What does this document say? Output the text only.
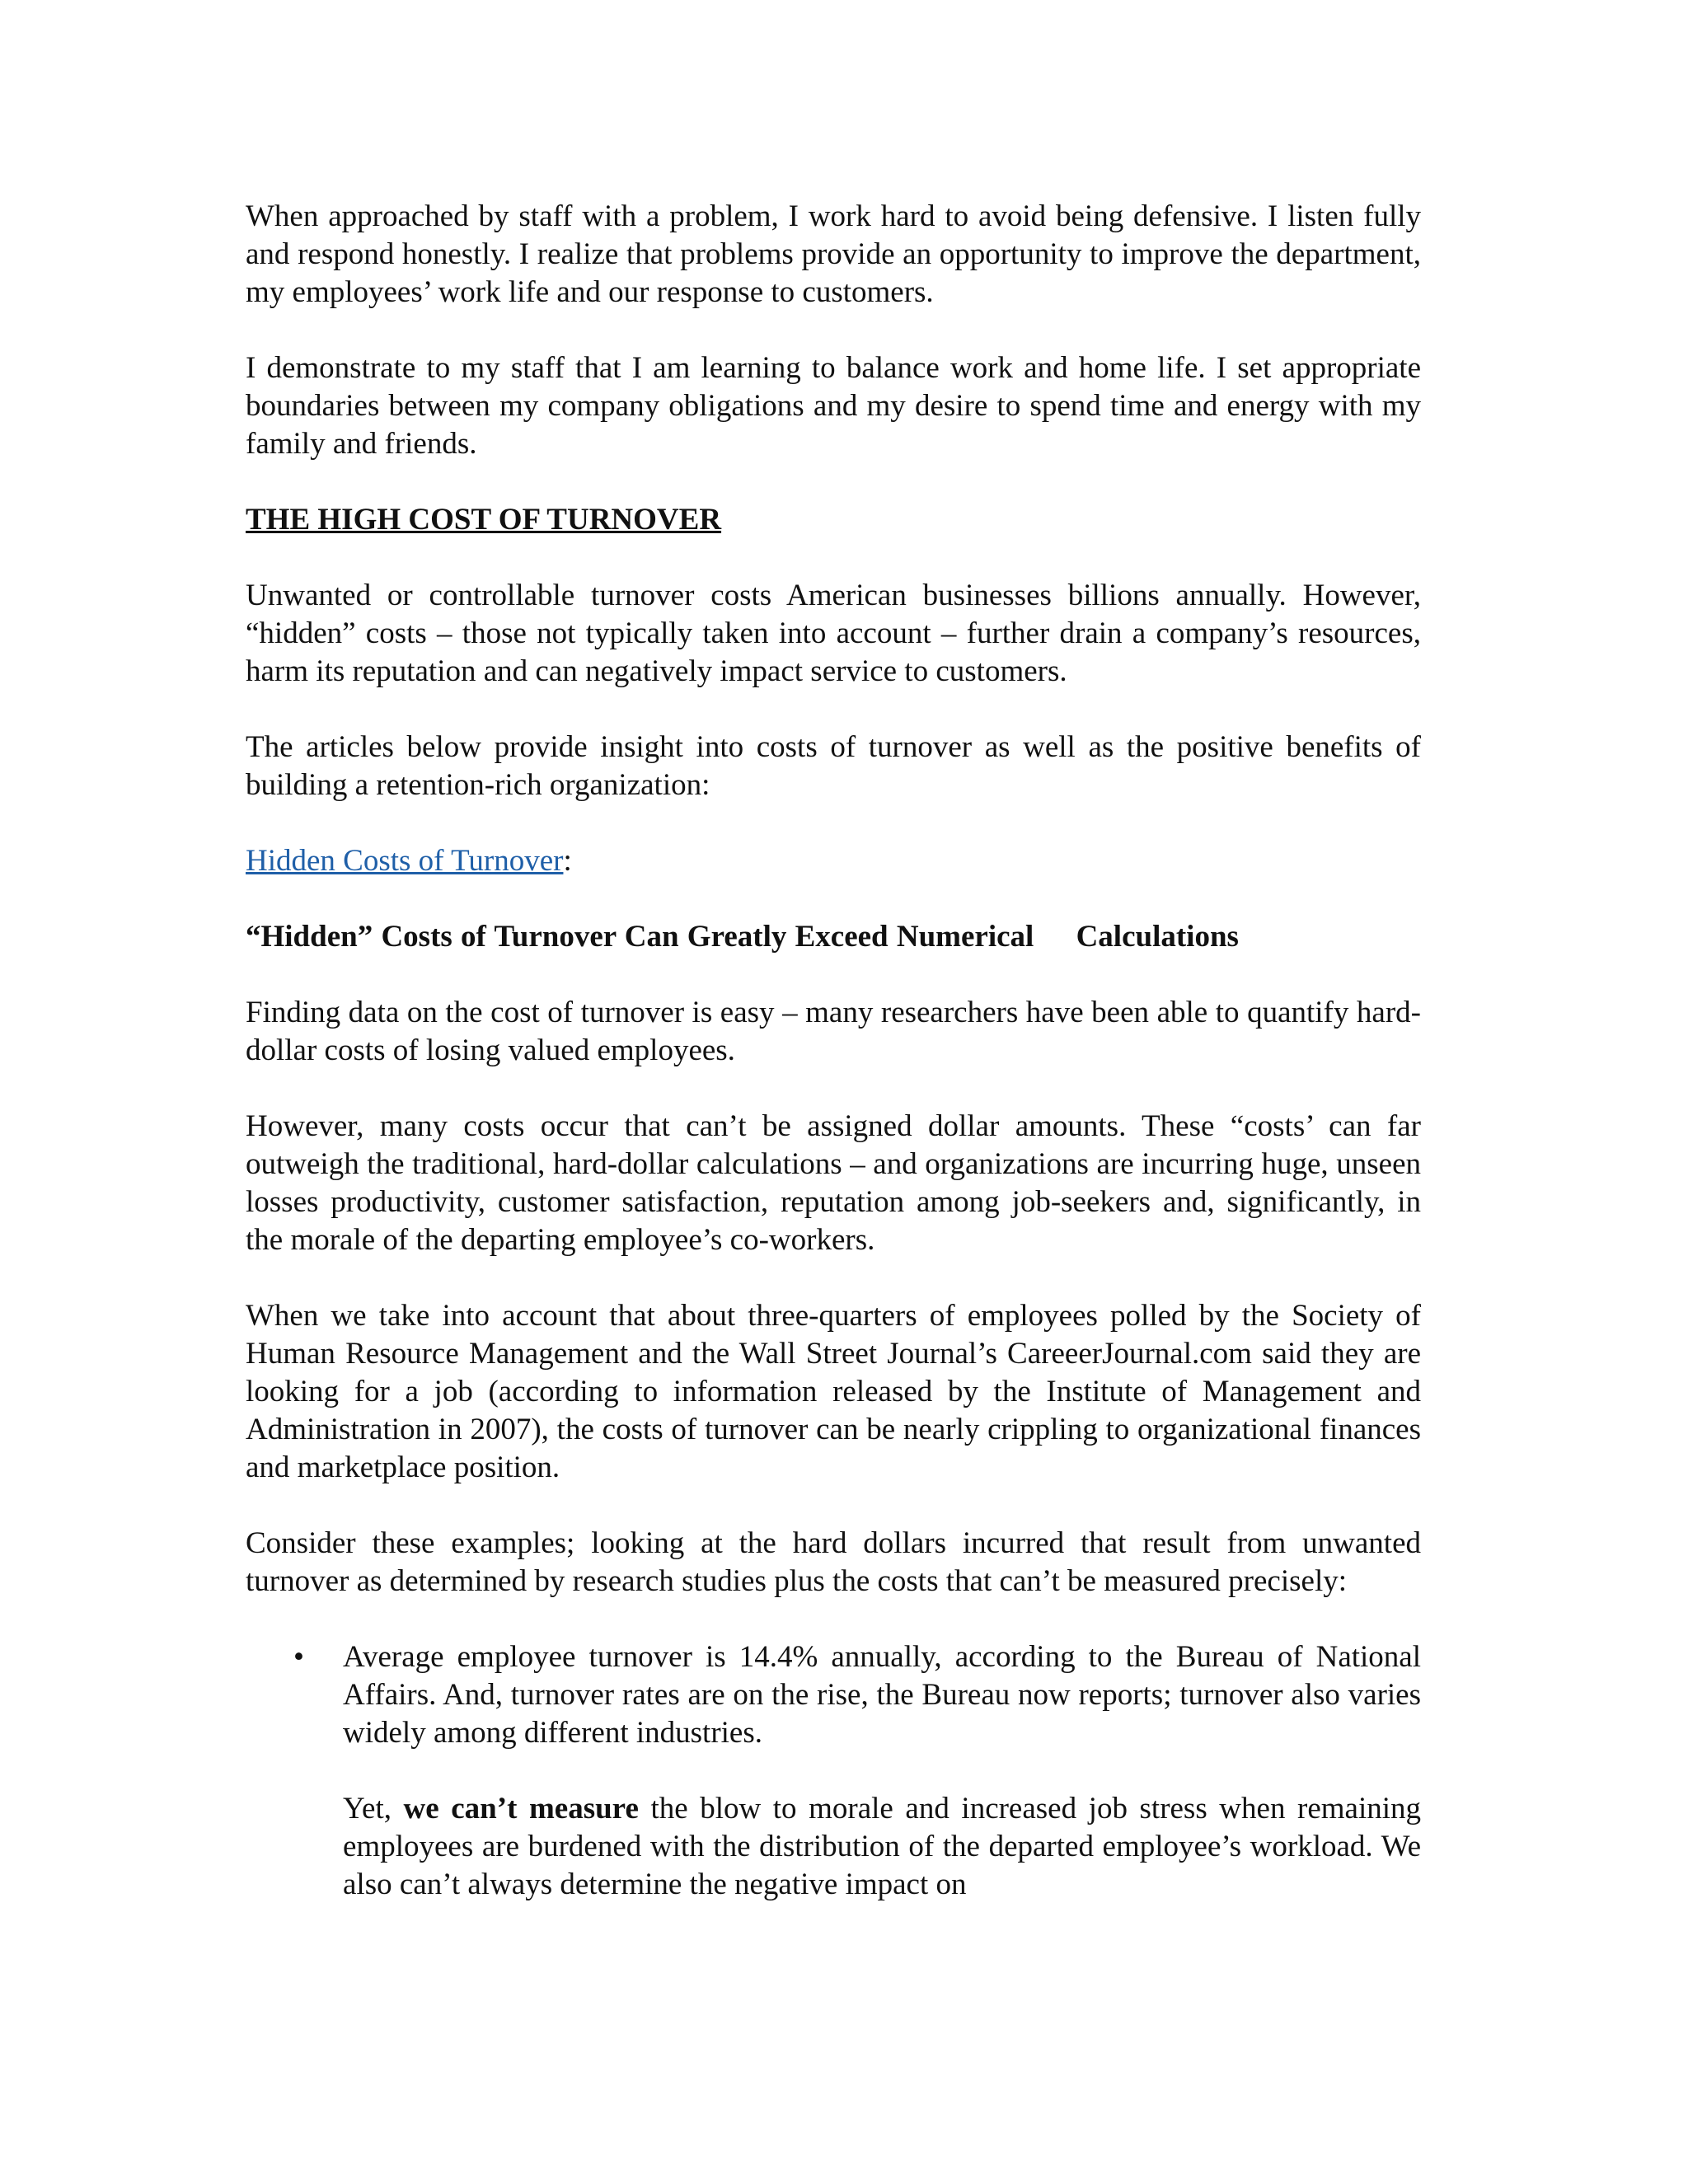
When approached by staff with a problem, I work hard to avoid being defensive. I listen fully and respond honestly. I realize that problems provide an opportunity to improve the department, my employees’ work life and our response to customers.

I demonstrate to my staff that I am learning to balance work and home life. I set appropriate boundaries between my company obligations and my desire to spend time and energy with my family and friends.

THE HIGH COST OF TURNOVER

Unwanted or controllable turnover costs American businesses billions annually. However, “hidden” costs – those not typically taken into account – further drain a company’s resources, harm its reputation and can negatively impact service to customers.

The articles below provide insight into costs of turnover as well as the positive benefits of building a retention-rich organization:

Hidden Costs of Turnover:

“Hidden” Costs of Turnover Can Greatly Exceed Numerical     Calculations

Finding data on the cost of turnover is easy – many researchers have been able to quantify hard-dollar costs of losing valued employees.

However, many costs occur that can’t be assigned dollar amounts. These “costs’ can far outweigh the traditional, hard-dollar calculations – and organizations are incurring huge, unseen losses productivity, customer satisfaction, reputation among job-seekers and, significantly, in the morale of the departing employee’s co-workers.

When we take into account that about three-quarters of employees polled by the Society of Human Resource Management and the Wall Street Journal’s CareeerJournal.com said they are looking for a job (according to information released by the Institute of Management and Administration in 2007), the costs of turnover can be nearly crippling to organizational finances and marketplace position.

Consider these examples; looking at the hard dollars incurred that result from unwanted turnover as determined by research studies plus the costs that can’t be measured precisely:

• Average employee turnover is 14.4% annually, according to the Bureau of National Affairs. And, turnover rates are on the rise, the Bureau now reports; turnover also varies widely among different industries.

Yet, we can’t measure the blow to morale and increased job stress when remaining employees are burdened with the distribution of the departed employee’s workload. We also can’t always determine the negative impact on
